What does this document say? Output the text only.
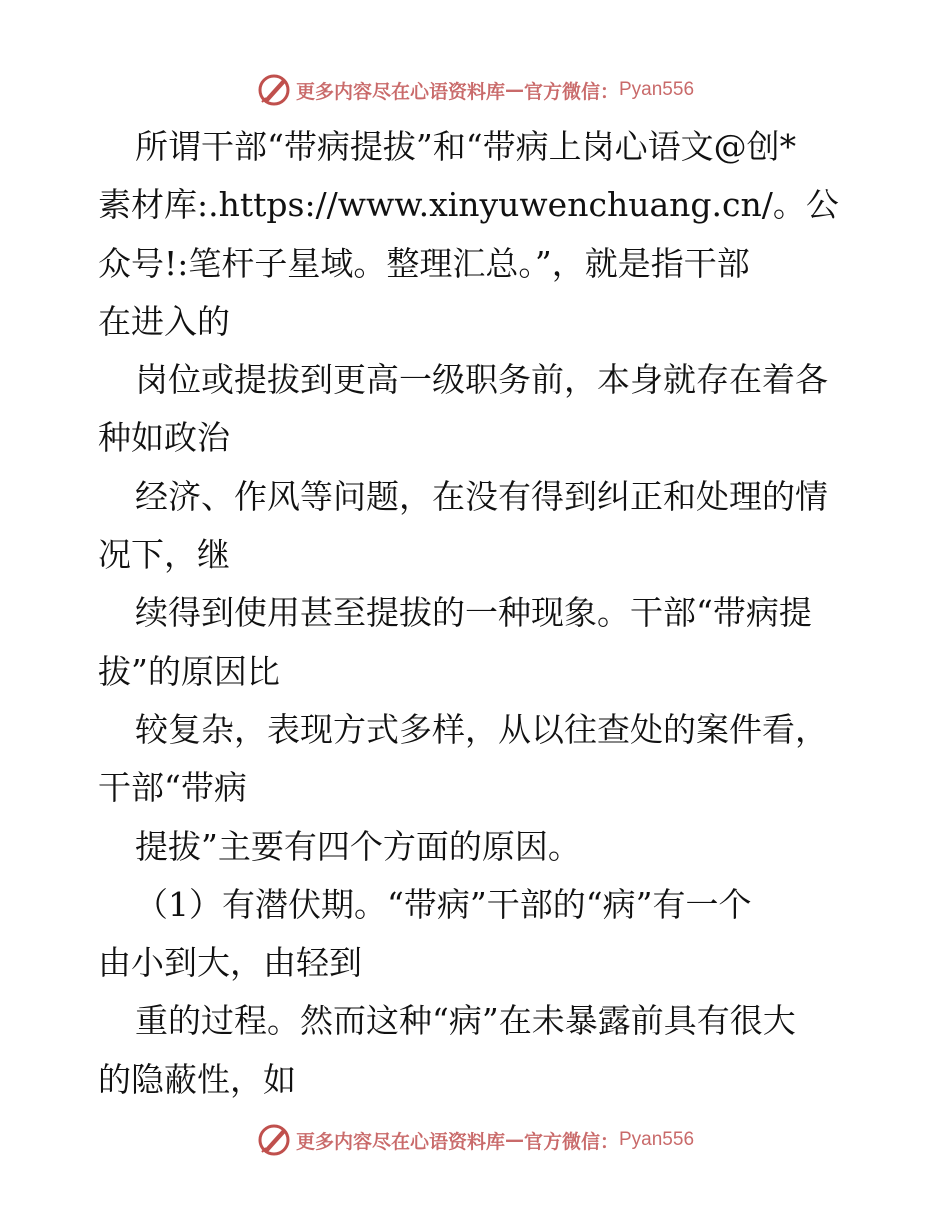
更多内容尽在心语资料库 — 官方微信： Pyan556
所谓干部“带病提拔”和“带病上岗心语文@创*
素材库:.https://www.xinyuwenchuang.cn/。公
众号!:笔杆子星域。整理汇总。”，就是指干部
在进入的
岗位或提拔到更高一级职务前，本身就存在着各
种如政治
经济、作风等问题，在没有得到纠正和处理的情
况下，继
续得到使用甚至提拔的一种现象。干部“带病提
拔”的原因比
较复杂，表现方式多样，从以往查处的案件看，
干部“带病
提拔”主要有四个方面的原因。
（1）有潜伏期。“带病”干部的“病”有一个
由小到大，由轻到
重的过程。然而这种“病”在未暴露前具有很大
的隐蔽性，如
更多内容尽在心语资料库 — 官方微信： Pyan556
